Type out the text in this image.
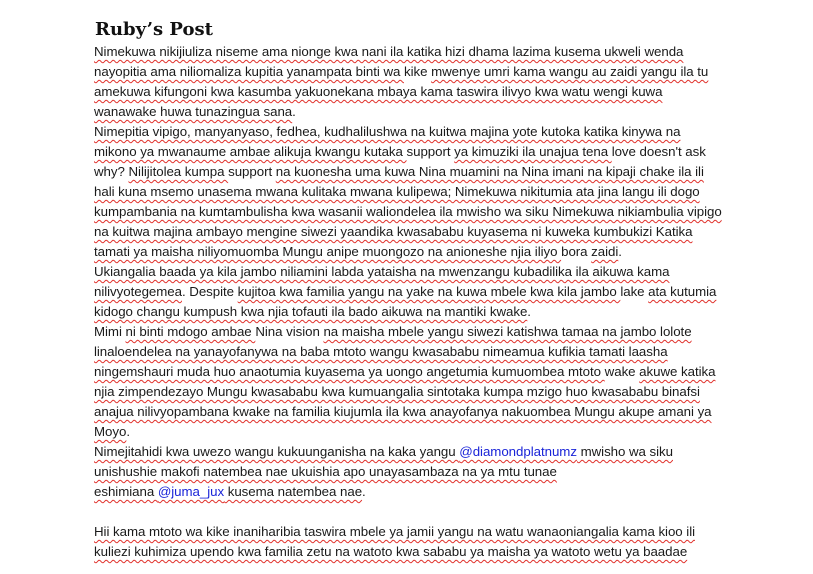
Ruby’s Post

Nimekuwa nikijiuliza niseme ama nionge kwa nani ila katika hizi dhama lazima kusema ukweli wenda nayopitia ama niliomaliza kupitia yanampata binti wa kike mwenye umri kama wangu au zaidi yangu ila tu amekuwa kifungoni kwa kasumba yakuonekana mbaya kama taswira ilivyo kwa watu wengi kuwa wanawake huwa tunazingua sana.

Nimepitia vipigo, manyanyaso, fedhea, kudhalilushwa na kuitwa majina yote kutoka katika kinywa na mikono ya mwanaume ambae alikuja kwangu kutaka support ya kimuziki ila unajua tena love doesn't ask why? Nilijitolea kumpa support na kuonesha uma kuwa Nina muamini na Nina imani na kipaji chake ila ili hali kuna msemo unasema mwana kulitaka mwana kulipewa; Nimekuwa nikitumia ata jina langu ili dogo kumpambania na kumtambulisha kwa wasanii waliondelea ila mwisho wa siku Nimekuwa nikiambulia vipigo na kuitwa majina ambayo mengine siwezi yaandika kwasababu kuyasema ni kuweka kumbukizi Katika tamati ya maisha niliyomuomba Mungu anipe muongozo na anioneshe njia iliyo bora zaidi.

Ukiangalia baada ya kila jambo niliamini labda yataisha na mwenzangu kubadilika ila aikuwa kama nilivyotegemea. Despite kujitoa kwa familia yangu na yake na kuwa mbele kwa kila jambo lake ata kutumia kidogo changu kumpush kwa njia tofauti ila bado aikuwa na mantiki kwake.

Mimi ni binti mdogo ambae Nina vision na maisha mbele yangu siwezi katishwa tamaa na jambo lolote linaloendelea na yanayofanywa na baba mtoto wangu kwasababu nimeamua kufikia tamati laasha ningemshauri muda huo anaotumia kuyasema ya uongo angetumia kumuombea mtoto wake akuwe katika njia zimpendezayo Mungu kwasababu kwa kumuangalia sintotaka kumpa mzigo huo kwasababu binafsi anajua nilivyopambana kwake na familia kiujumla ila kwa anayofanya nakuombea Mungu akupe amani ya Moyo.

Nimejitahidi kwa uwezo wangu kukuunganisha na kaka yangu @diamondplatnumz mwisho wa siku unishushie makofi natembea nae ukuishia apo unayasambaza na ya mtu tunae
eshimiana @juma_jux kusema natembea nae.

Hii kama mtoto wa kike inaniharibia taswira mbele ya jamii yangu na watu wanaoniangalia kama kioo ili kuliezi kuhimiza upendo kwa familia zetu na watoto kwa sababu ya maisha ya watoto wetu ya baadae
